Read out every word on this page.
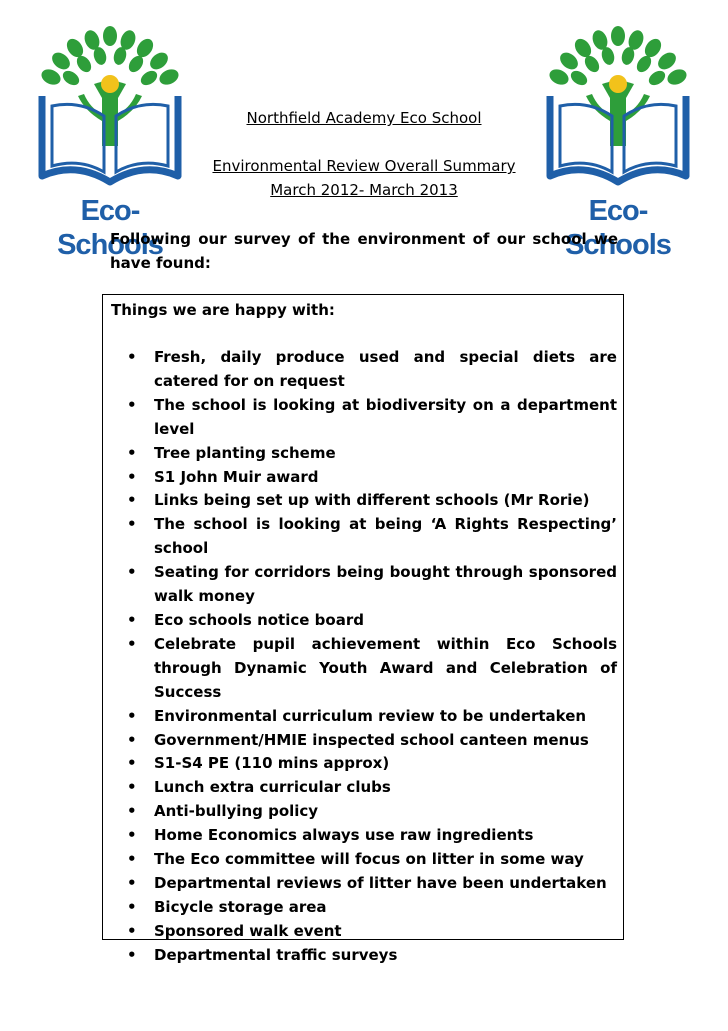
Eco-Schools
Eco-Schools
Northfield Academy Eco School
Environmental Review Overall Summary
March 2012- March 2013
Following our survey of the environment of our school we have found:
Things we are happy with:
• Fresh, daily produce used and special diets are catered for on request
• The school is looking at biodiversity on a department level
• Tree planting scheme
• S1 John Muir award
• Links being set up with different schools (Mr Rorie)
• The school is looking at being ‘A Rights Respecting’ school
• Seating for corridors being bought through sponsored walk money
• Eco schools notice board
• Celebrate pupil achievement within Eco Schools through Dynamic Youth Award and Celebration of Success
• Environmental curriculum review to be undertaken
• Government/HMIE inspected school canteen menus
• S1-S4 PE (110 mins approx)
• Lunch extra curricular clubs
• Anti-bullying policy
• Home Economics always use raw ingredients
• The Eco committee will focus on litter in some way
• Departmental reviews of litter have been undertaken
• Bicycle storage area
• Sponsored walk event
• Departmental traffic surveys
